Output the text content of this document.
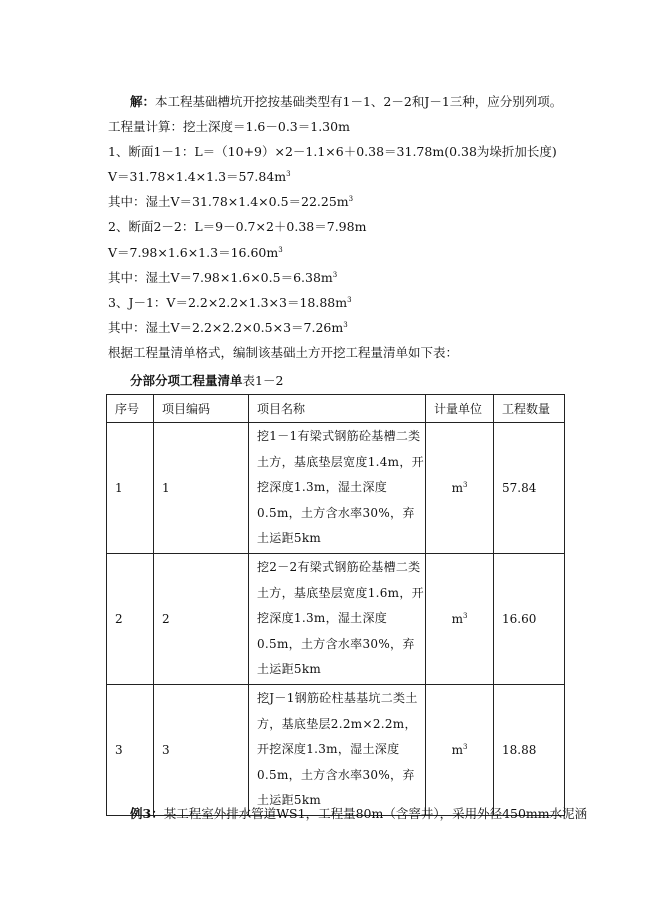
解：本工程基础槽坑开挖按基础类型有1－1、2－2和J－1三种，应分别列项。
工程量计算：挖土深度＝1.6－0.3＝1.30m
1、断面1－1：L＝（10+9）×2－1.1×6＋0.38＝31.78m(0.38为垛折加长度)
$V=31.78\times 1.4\times 1.3=57.84m^3$
其中：湿土$V=31.78\times 1.4\times 0.5=22.25m^3$
2、断面2－2：L＝9－0.7×2＋0.38＝7.98m
$V=7.98\times 1.6\times 1.3=16.60m^3$
其中：湿土$V=7.98\times 1.6\times 0.5=6.38m^3$
3、J－1：$V=2.2\times 2.2\times 1.3\times 3=18.88m^3$
其中：湿土$V=2.2\times 2.2\times 0.5\times 3=7.26m^3$
根据工程量清单格式，编制该基础土方开挖工程量清单如下表：
分部分项工程量清单表1－2
序号	项目编码	项目名称	计量单位	工程数量
1	1	挖1－1有梁式钢筋砼基槽二类土方，基底垫层宽度1.4m，开挖深度1.3m，湿土深度0.5m，土方含水率30%，弃土运距5km	$m^3$	57.84
2	2	挖2－2有梁式钢筋砼基槽二类土方，基底垫层宽度1.6m，开挖深度1.3m，湿土深度0.5m，土方含水率30%，弃土运距5km	$m^3$	16.60
3	3	挖J－1钢筋砼柱基基坑二类土方，基底垫层2.2m×2.2m，开挖深度1.3m，湿土深度0.5m，土方含水率30%，弃土运距5km	$m^3$	18.88
例3：某工程室外排水管道WS1，工程量80m（含窨井），采用外径450mm水泥涵
